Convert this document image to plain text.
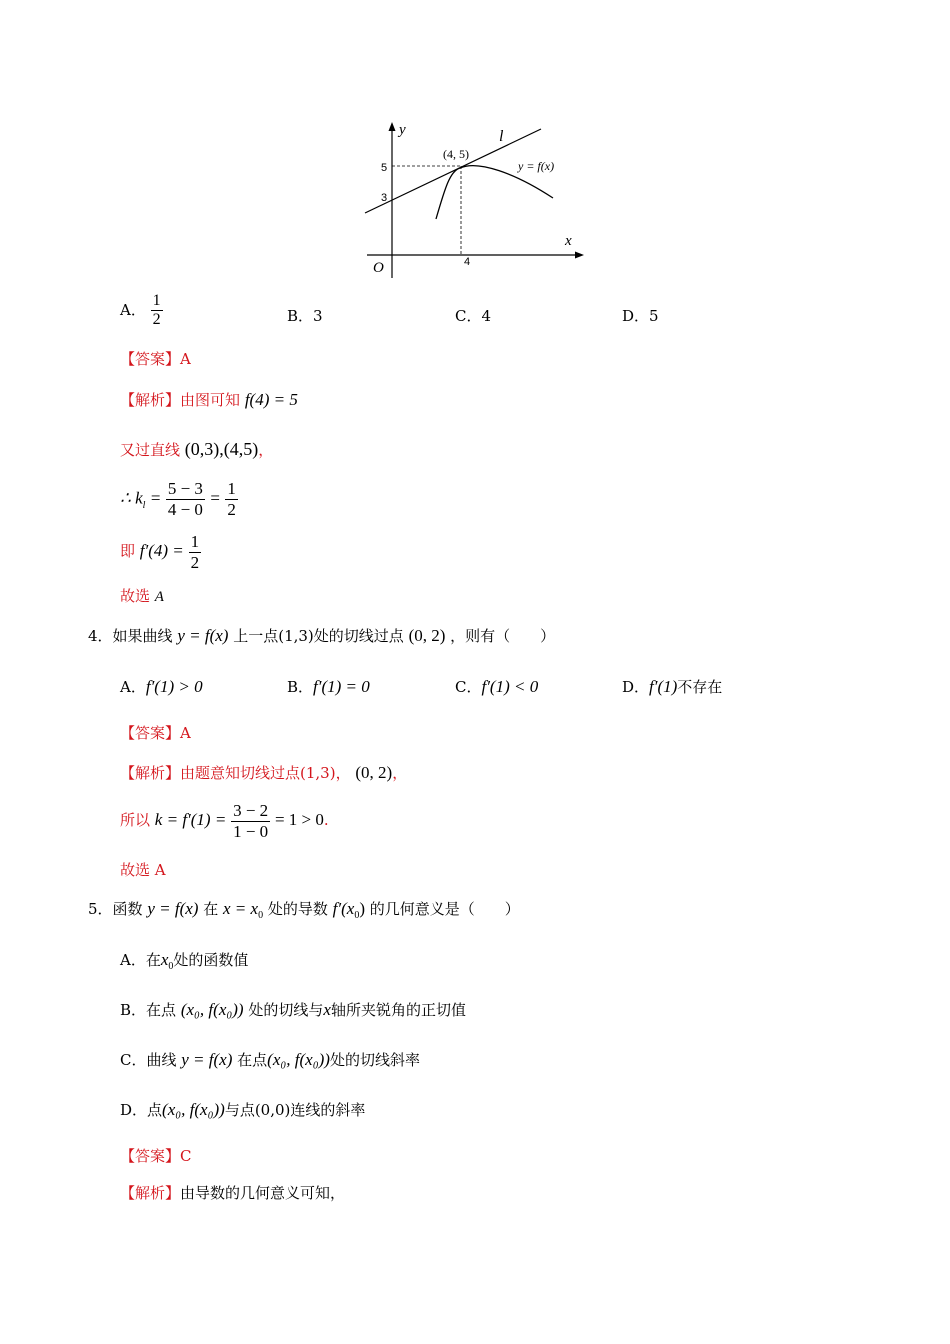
y
x
O
l
y = f(x)
(4, 5)
5
3
4
A． $\frac{1}{2}$	B．3	C．4	D．5
【答案】A
【解析】由图可知 f(4) = 5
又过直线 (0,3),(4,5)，
∴ $k_l = \frac{5 - 3}{4 - 0} = \frac{1}{2}$
即 $f'(4) = \frac{1}{2}$
故选 A
4．如果曲线 y = f(x) 上一点(1,3)处的切线过点 (0, 2) ，则有（　　）
A．f′(1) > 0	B．f′(1) = 0	C．f′(1) < 0	D．f′(1)不存在
【答案】A
【解析】由题意知切线过点(1,3)， (0, 2)，
所以 $k = f'(1) = \frac{3 - 2}{1 - 0} = 1 > 0$.
故选 A
5．函数 y = f(x) 在 $x = x_0$ 处的导数 $f'(x_0)$ 的几何意义是（　　）
A．在$x_0$处的函数值
B．在点 (x₀, f(x₀)) 处的切线与x轴所夹锐角的正切值
C．曲线 y = f(x) 在点(x₀, f(x₀))处的切线斜率
D．点(x₀, f(x₀))与点(0,0)连线的斜率
【答案】C
【解析】由导数的几何意义可知，
